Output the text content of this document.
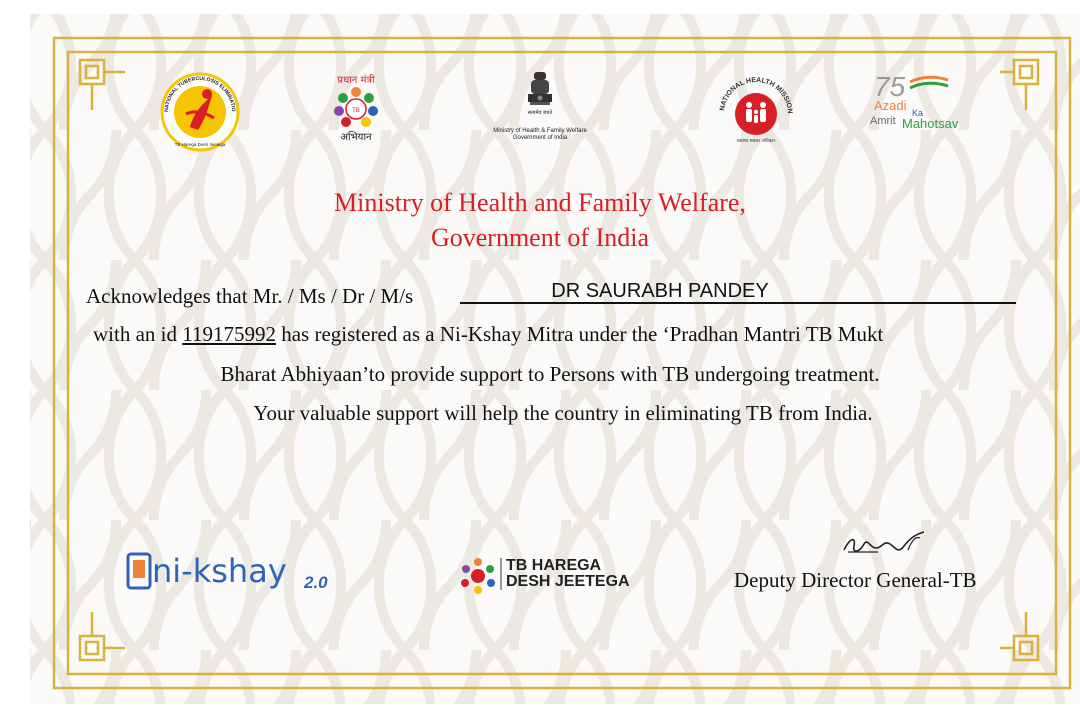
NATIONAL TUBERCULOSIS ELIMINATIO
TB Harega Desh Jeetega
प्रधान मंत्री
TB
अभियान
सत्यमेव जयते
Ministry of Health & Family Welfare
Government of India
NATIONAL HEALTH MISSION
स्वास्थ्य सबका अधिकार
75
Azadi Ka
Amrit Mahotsav
Ministry of Health and Family Welfare,
Government of India
Acknowledges that Mr. / Ms / Dr / M/s	DR SAURABH PANDEY
with an id 119175992 has registered as a Ni-Kshay Mitra under the ‘Pradhan Mantri TB Mukt
Bharat Abhiyaan’to provide support to Persons with TB undergoing treatment.
Your valuable support will help the country in eliminating TB from India.
ni-kshay 2.0
TB HAREGA
DESH JEETEGA	Deputy Director General-TB
